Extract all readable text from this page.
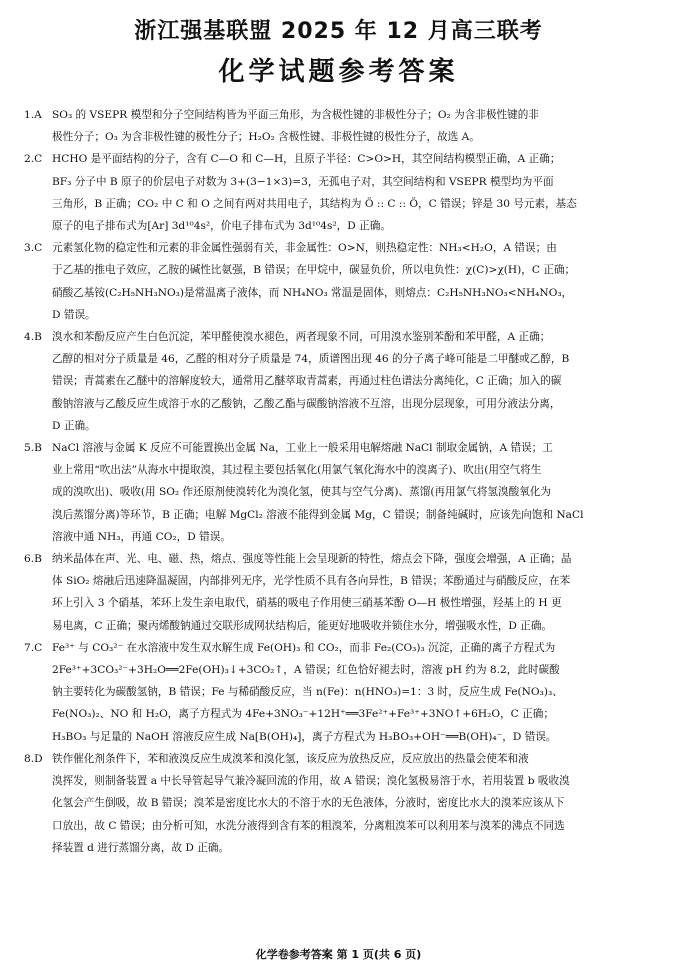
浙江强基联盟 2025 年 12 月高三联考
化学试题参考答案
1.A SO₃ 的 VSEPR 模型和分子空间结构皆为平面三角形，为含极性键的非极性分子；O₂ 为含非极性键的非
极性分子；O₃ 为含非极性键的极性分子；H₂O₂ 含极性键、非极性键的极性分子，故选 A。
2.C HCHO 是平面结构的分子，含有 C—O 和 C—H，且原子半径：C>O>H，其空间结构模型正确，A 正确；
BF₃ 分子中 B 原子的价层电子对数为 3+(3−1×3)=3，无孤电子对，其空间结构和 VSEPR 模型均为平面
三角形，B 正确；CO₂ 中 C 和 O 之间有两对共用电子，其结构为 Ö :: C :: Ö，C 错误；锌是 30 号元素，基态
原子的电子排布式为[Ar] 3d¹⁰4s²，价电子排布式为 3d¹⁰4s²，D 正确。
3.C 元素氢化物的稳定性和元素的非金属性强弱有关，非金属性：O>N，则热稳定性：NH₃<H₂O，A 错误；由
于乙基的推电子效应，乙胺的碱性比氨强，B 错误；在甲烷中，碳显负价，所以电负性：χ(C)>χ(H)，C 正确；
硝酸乙基铵(C₂H₅NH₃NO₃)是常温离子液体，而 NH₄NO₃ 常温是固体，则熔点：C₂H₅NH₃NO₃<NH₄NO₃，
D 错误。
4.B 溴水和苯酚反应产生白色沉淀，苯甲醛使溴水褪色，两者现象不同，可用溴水鉴别苯酚和苯甲醛，A 正确；
乙醇的相对分子质量是 46，乙醛的相对分子质量是 74，质谱图出现 46 的分子离子峰可能是二甲醚或乙醇，B
错误；青蒿素在乙醚中的溶解度较大，通常用乙醚萃取青蒿素，再通过柱色谱法分离纯化，C 正确；加入的碳
酸钠溶液与乙酸反应生成溶于水的乙酸钠，乙酸乙酯与碳酸钠溶液不互溶，出现分层现象，可用分液法分离，
D 正确。
5.B NaCl 溶液与金属 K 反应不可能置换出金属 Na，工业上一般采用电解熔融 NaCl 制取金属钠，A 错误；工
业上常用“吹出法”从海水中提取溴，其过程主要包括氧化(用氯气氧化海水中的溴离子)、吹出(用空气将生
成的溴吹出)、吸收(用 SO₂ 作还原剂使溴转化为溴化氢，使其与空气分离)、蒸馏(再用氯气将氢溴酸氧化为
溴后蒸馏分离)等环节，B 正确；电解 MgCl₂ 溶液不能得到金属 Mg，C 错误；制备纯碱时，应该先向饱和 NaCl
溶液中通 NH₃，再通 CO₂，D 错误。
6.B 纳米晶体在声、光、电、磁、热，熔点、强度等性能上会呈现新的特性，熔点会下降，强度会增强，A 正确；晶
体 SiO₂ 熔融后迅速降温凝固，内部排列无序，光学性质不具有各向异性，B 错误；苯酚通过与硝酸反应，在苯
环上引入 3 个硝基，苯环上发生亲电取代，硝基的吸电子作用使三硝基苯酚 O—H 极性增强，羟基上的 H 更
易电离，C 正确；聚丙烯酸钠通过交联形成网状结构后，能更好地吸收并锁住水分，增强吸水性，D 正确。
7.C Fe³⁺ 与 CO₃²⁻ 在水溶液中发生双水解生成 Fe(OH)₃ 和 CO₂，而非 Fe₂(CO₃)₃ 沉淀，正确的离子方程式为
2Fe³⁺+3CO₃²⁻+3H₂O══2Fe(OH)₃↓+3CO₂↑，A 错误；红色恰好褪去时，溶液 pH 约为 8.2，此时碳酸
钠主要转化为碳酸氢钠，B 错误；Fe 与稀硝酸反应，当 n(Fe)：n(HNO₃)=1：3 时，反应生成 Fe(NO₃)₃、
Fe(NO₃)₂、NO 和 H₂O，离子方程式为 4Fe+3NO₃⁻+12H⁺══3Fe²⁺+Fe³⁺+3NO↑+6H₂O，C 正确；
H₃BO₃ 与足量的 NaOH 溶液反应生成 Na[B(OH)₄]，离子方程式为 H₃BO₃+OH⁻══B(OH)₄⁻，D 错误。
8.D 铁作催化剂条件下，苯和液溴反应生成溴苯和溴化氢，该反应为放热反应，反应放出的热量会使苯和液
溴挥发，则制备装置 a 中长导管起导气兼冷凝回流的作用，故 A 错误；溴化氢极易溶于水，若用装置 b 吸收溴
化氢会产生倒吸，故 B 错误；溴苯是密度比水大的不溶于水的无色液体，分液时，密度比水大的溴苯应该从下
口放出，故 C 错误；由分析可知，水洗分液得到含有苯的粗溴苯，分离粗溴苯可以利用苯与溴苯的沸点不同选
择装置 d 进行蒸馏分离，故 D 正确。
化学卷参考答案 第 1 页(共 6 页)
